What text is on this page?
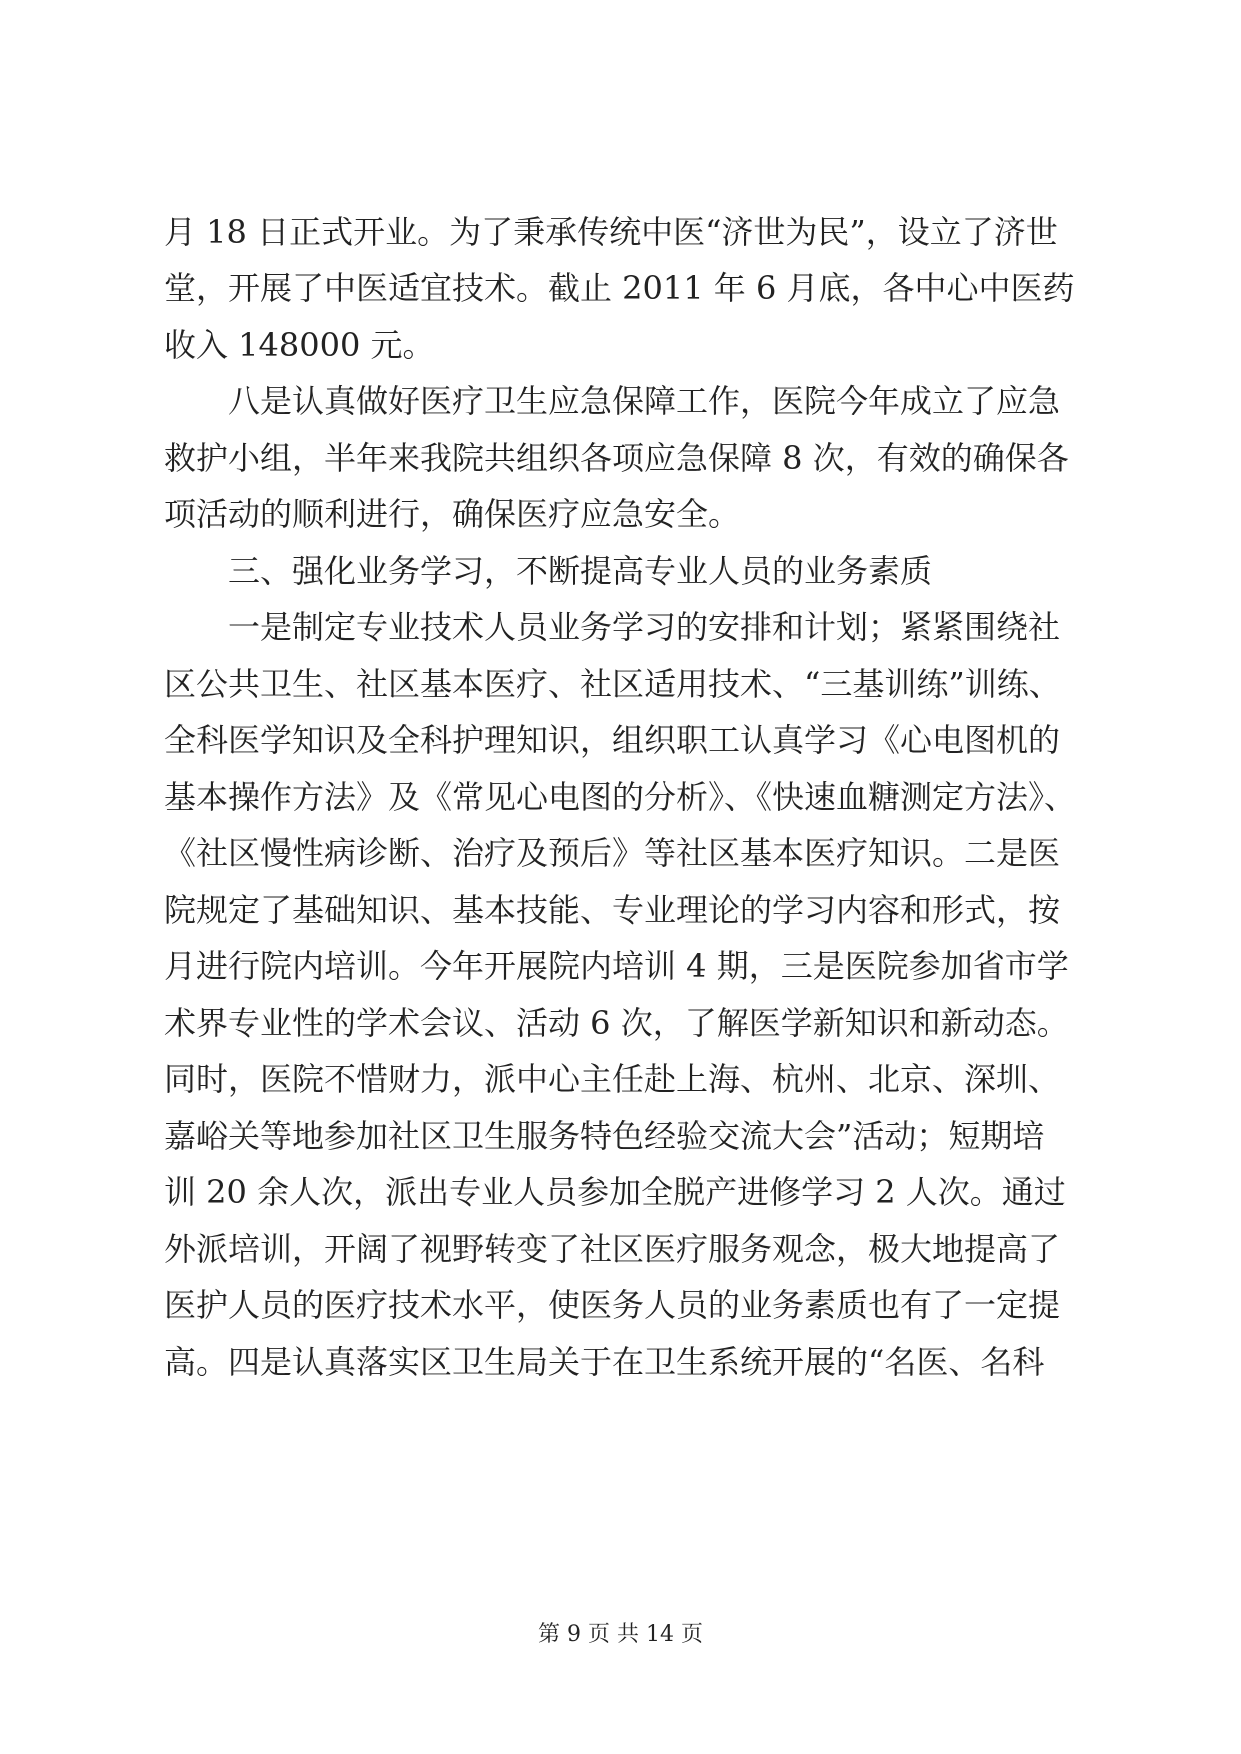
月 18 日正式开业。为了秉承传统中医“济世为民”，设立了济世
堂，开展了中医适宜技术。截止 2011 年 6 月底，各中心中医药
收入 148000 元。
八是认真做好医疗卫生应急保障工作，医院今年成立了应急
救护小组，半年来我院共组织各项应急保障 8 次，有效的确保各
项活动的顺利进行，确保医疗应急安全。
三、强化业务学习，不断提高专业人员的业务素质
一是制定专业技术人员业务学习的安排和计划；紧紧围绕社
区公共卫生、社区基本医疗、社区适用技术、“三基训练”训练、
全科医学知识及全科护理知识，组织职工认真学习《心电图机的
基本操作方法》及《常见心电图的分析》、《快速血糖测定方法》、
《社区慢性病诊断、治疗及预后》等社区基本医疗知识。二是医
院规定了基础知识、基本技能、专业理论的学习内容和形式，按
月进行院内培训。今年开展院内培训 4 期，三是医院参加省市学
术界专业性的学术会议、活动 6 次，了解医学新知识和新动态。
同时，医院不惜财力，派中心主任赴上海、杭州、北京、深圳、
嘉峪关等地参加社区卫生服务特色经验交流大会”活动；短期培
训 20 余人次，派出专业人员参加全脱产进修学习 2 人次。通过
外派培训，开阔了视野转变了社区医疗服务观念，极大地提高了
医护人员的医疗技术水平，使医务人员的业务素质也有了一定提
高。四是认真落实区卫生局关于在卫生系统开展的“名医、名科
第 9 页 共 14 页
